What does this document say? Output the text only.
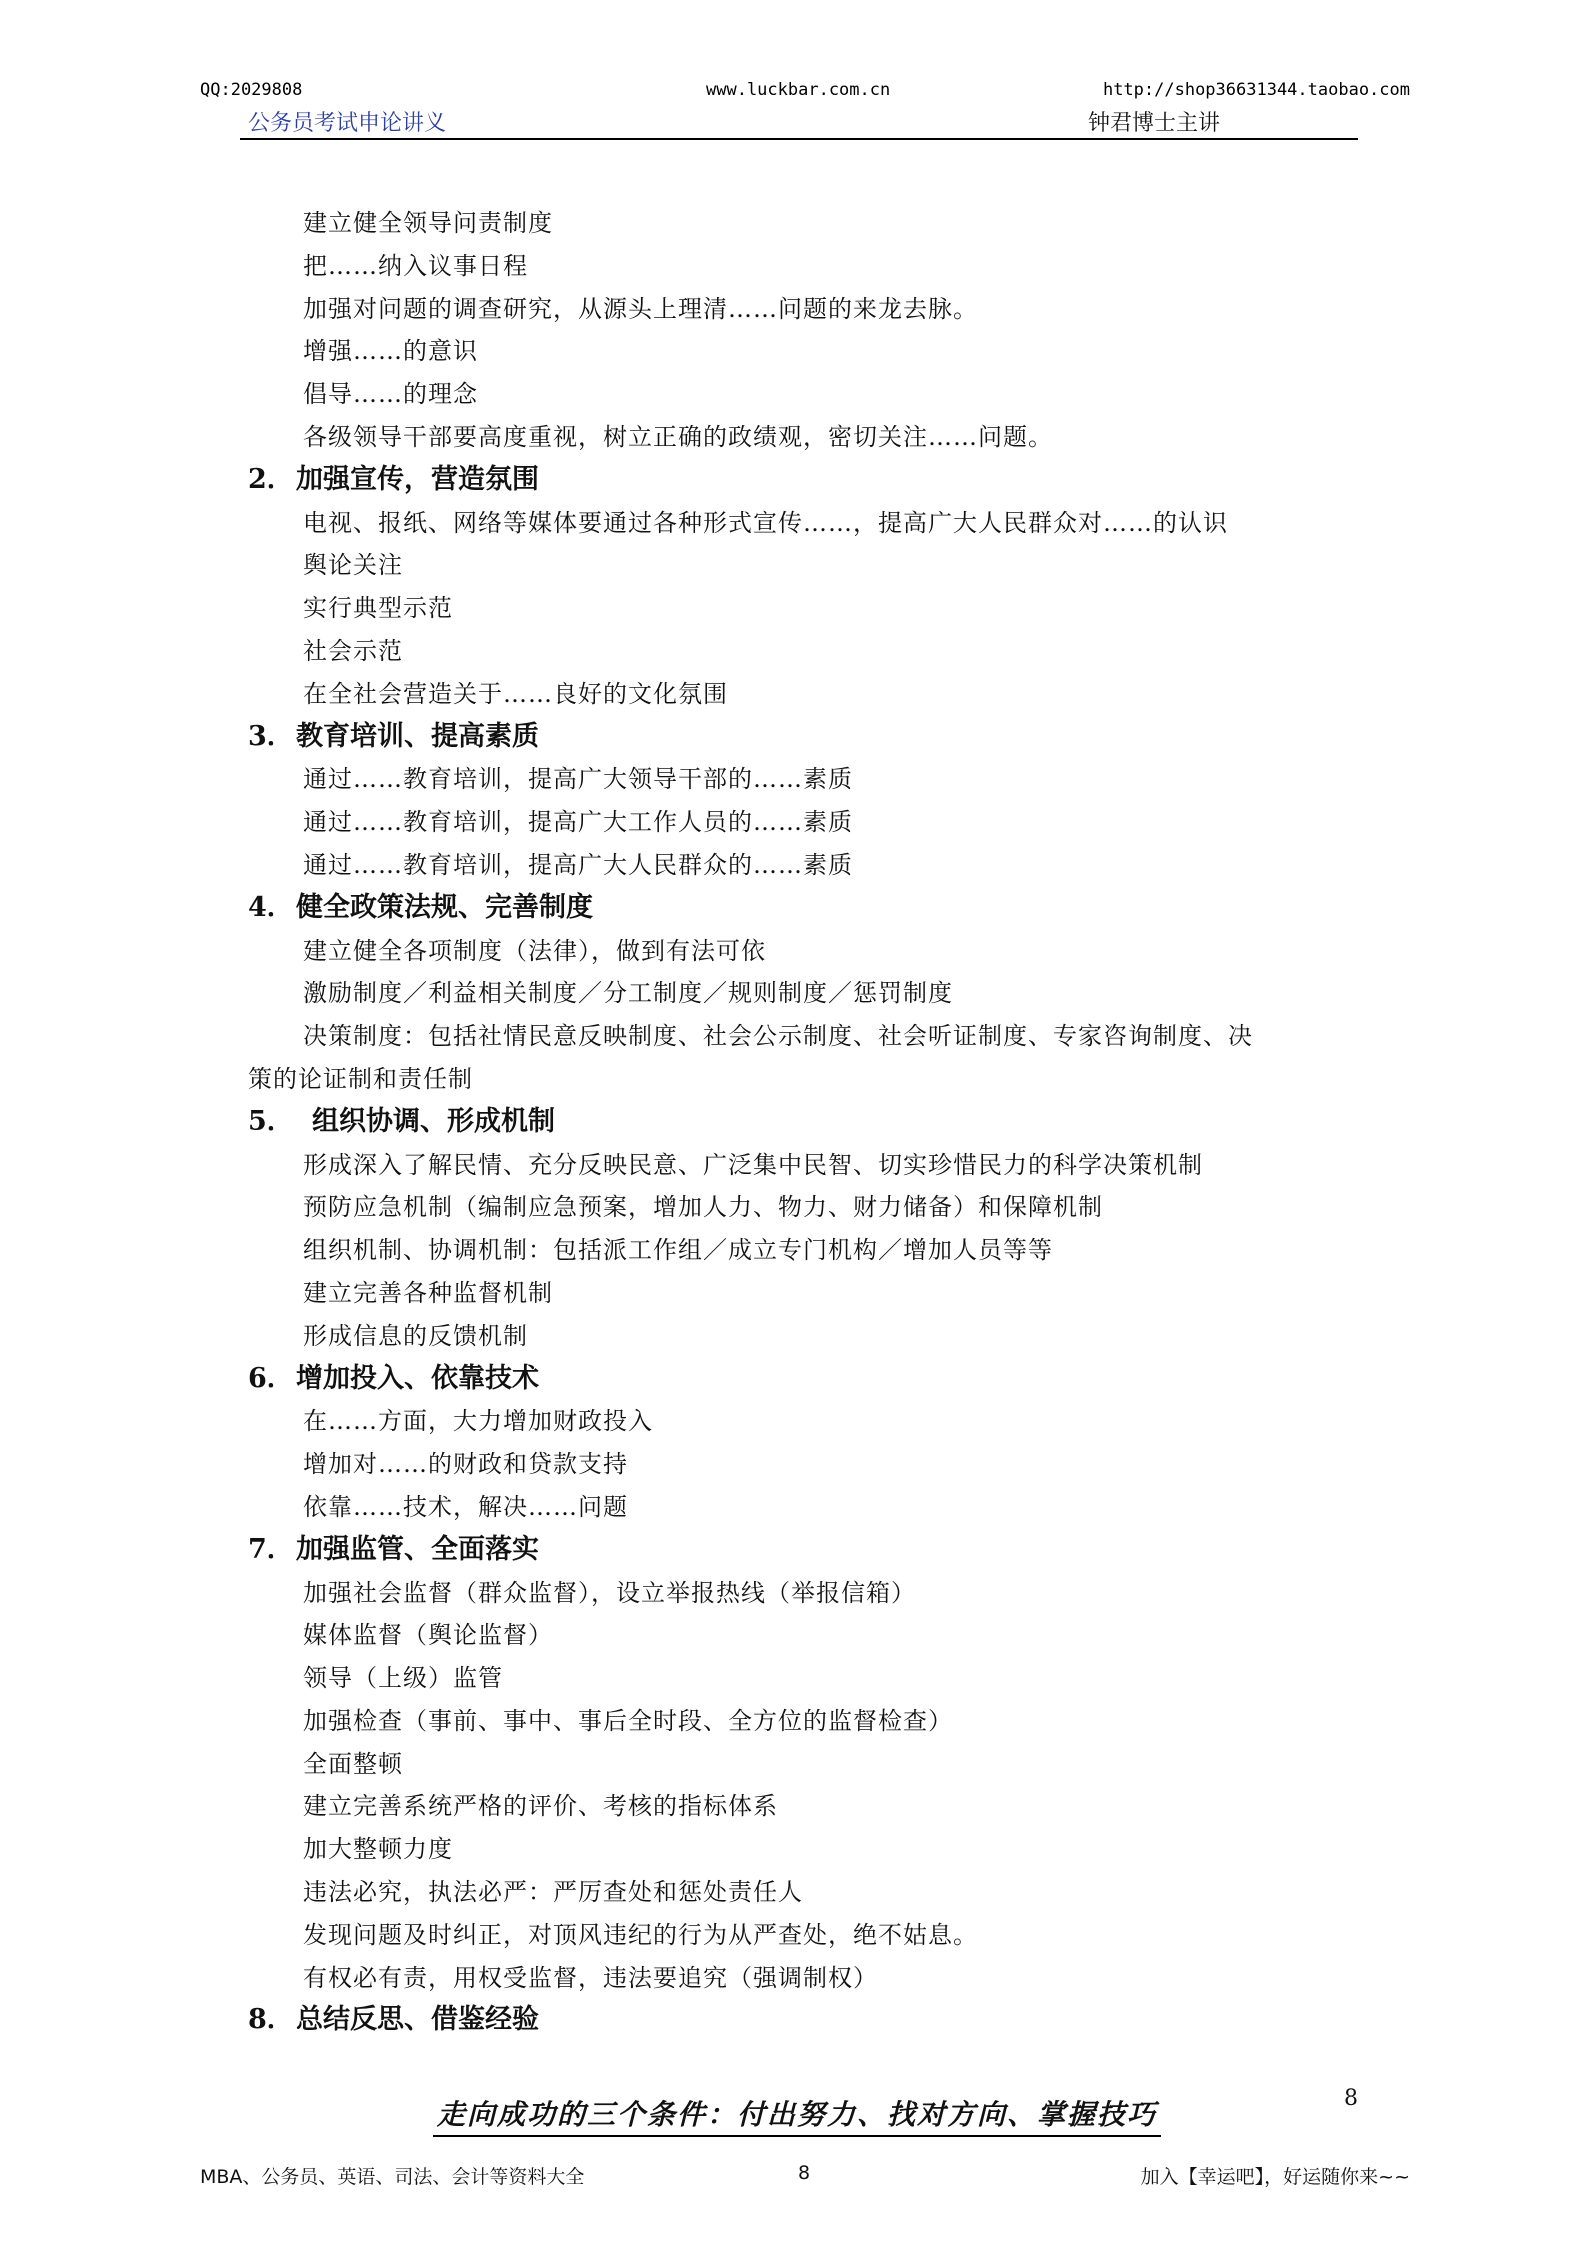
QQ:2029808	www.luckbar.com.cn	http://shop36631344.taobao.com
公务员考试申论讲义	钟君博士主讲
建立健全领导问责制度
把……纳入议事日程
加强对问题的调查研究，从源头上理清……问题的来龙去脉。
增强……的意识
倡导……的理念
各级领导干部要高度重视，树立正确的政绩观，密切关注……问题。
2．加强宣传，营造氛围
电视、报纸、网络等媒体要通过各种形式宣传……，提高广大人民群众对……的认识
舆论关注
实行典型示范
社会示范
在全社会营造关于……良好的文化氛围
3．教育培训、提高素质
通过……教育培训，提高广大领导干部的……素质
通过……教育培训，提高广大工作人员的……素质
通过……教育培训，提高广大人民群众的……素质
4．健全政策法规、完善制度
建立健全各项制度（法律），做到有法可依
激励制度／利益相关制度／分工制度／规则制度／惩罚制度
决策制度：包括社情民意反映制度、社会公示制度、社会听证制度、专家咨询制度、决
策的论证制和责任制
5． 组织协调、形成机制
形成深入了解民情、充分反映民意、广泛集中民智、切实珍惜民力的科学决策机制
预防应急机制（编制应急预案，增加人力、物力、财力储备）和保障机制
组织机制、协调机制：包括派工作组／成立专门机构／增加人员等等
建立完善各种监督机制
形成信息的反馈机制
6．增加投入、依靠技术
在……方面，大力增加财政投入
增加对……的财政和贷款支持
依靠……技术，解决……问题
7．加强监管、全面落实
加强社会监督（群众监督），设立举报热线（举报信箱）
媒体监督（舆论监督）
领导（上级）监管
加强检查（事前、事中、事后全时段、全方位的监督检查）
全面整顿
建立完善系统严格的评价、考核的指标体系
加大整顿力度
违法必究，执法必严：严厉查处和惩处责任人
发现问题及时纠正，对顶风违纪的行为从严查处，绝不姑息。
有权必有责，用权受监督，违法要追究（强调制权）
8．总结反思、借鉴经验
走向成功的三个条件：付出努力、找对方向、掌握技巧	8
MBA、公务员、英语、司法、会计等资料大全	8	加入【幸运吧】，好运随你来~~
